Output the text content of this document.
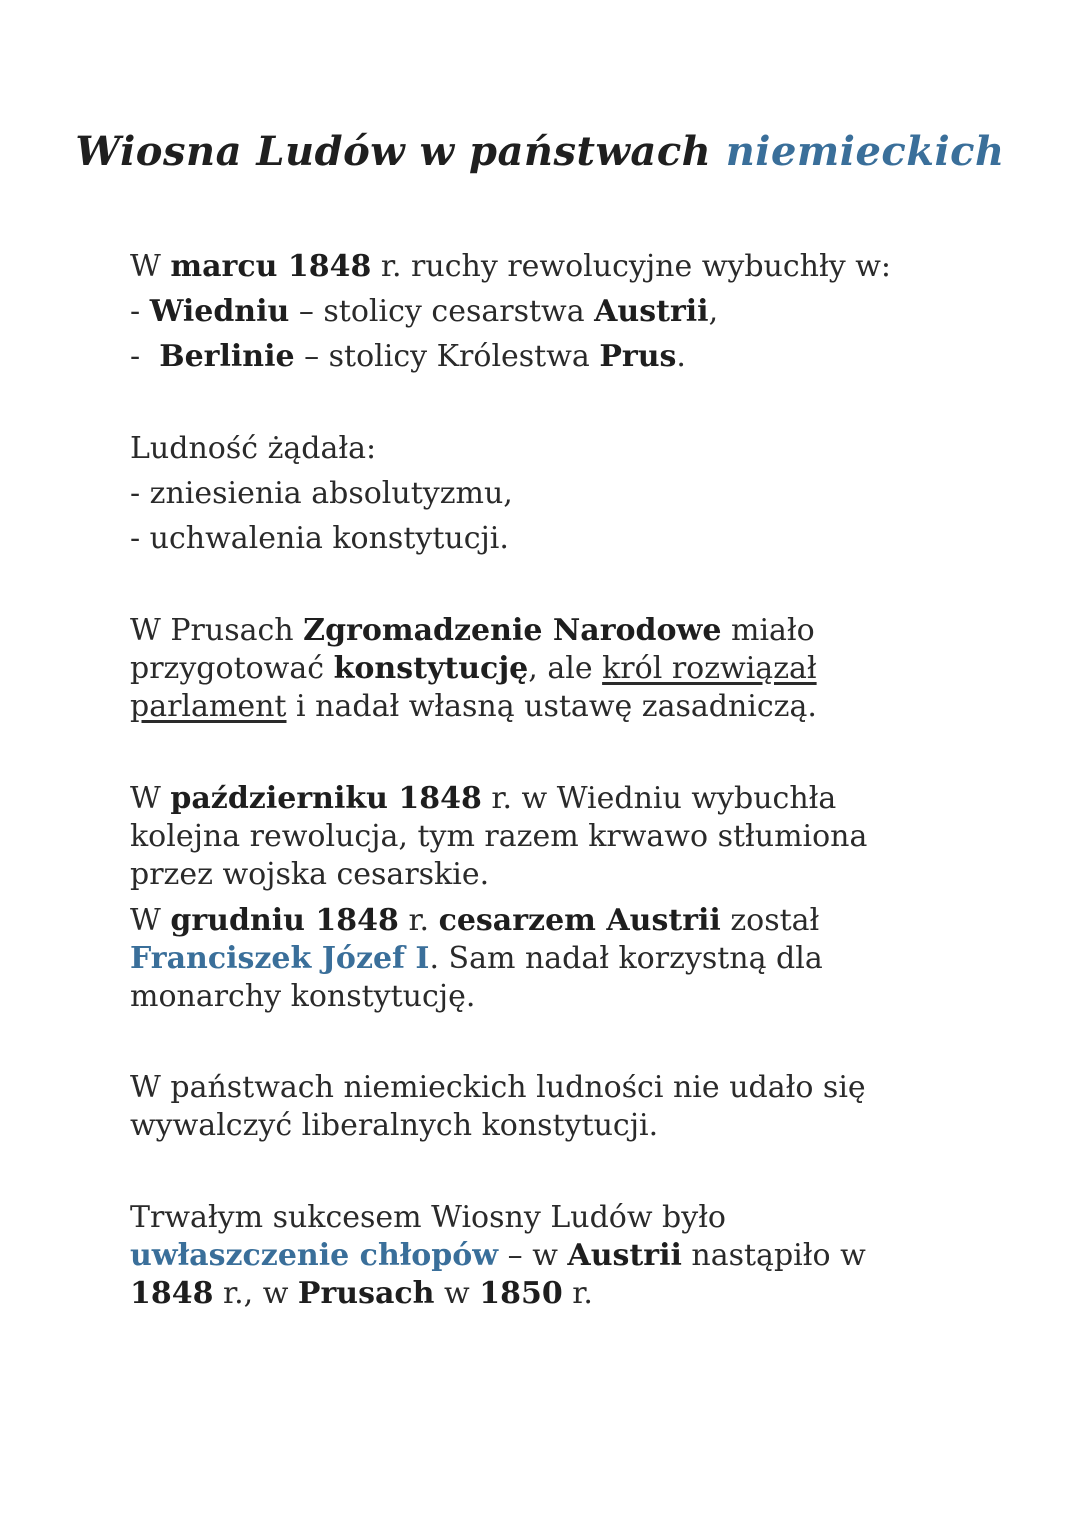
Wiosna Ludów w państwach niemieckich
W marcu 1848 r. ruchy rewolucyjne wybuchły w:
- Wiedniu – stolicy cesarstwa Austrii,
-  Berlinie – stolicy Królestwa Prus.
Ludność żądała:
- zniesienia absolutyzmu,
- uchwalenia konstytucji.
W Prusach Zgromadzenie Narodowe miało
przygotować konstytucję, ale król rozwiązał
parlament i nadał własną ustawę zasadniczą.
W październiku 1848 r. w Wiedniu wybuchła
kolejna rewolucja, tym razem krwawo stłumiona
przez wojska cesarskie.
W grudniu 1848 r. cesarzem Austrii został
Franciszek Józef I. Sam nadał korzystną dla
monarchy konstytucję.
W państwach niemieckich ludności nie udało się
wywalczyć liberalnych konstytucji.
Trwałym sukcesem Wiosny Ludów było
uwłaszczenie chłopów – w Austrii nastąpiło w
1848 r., w Prusach w 1850 r.
